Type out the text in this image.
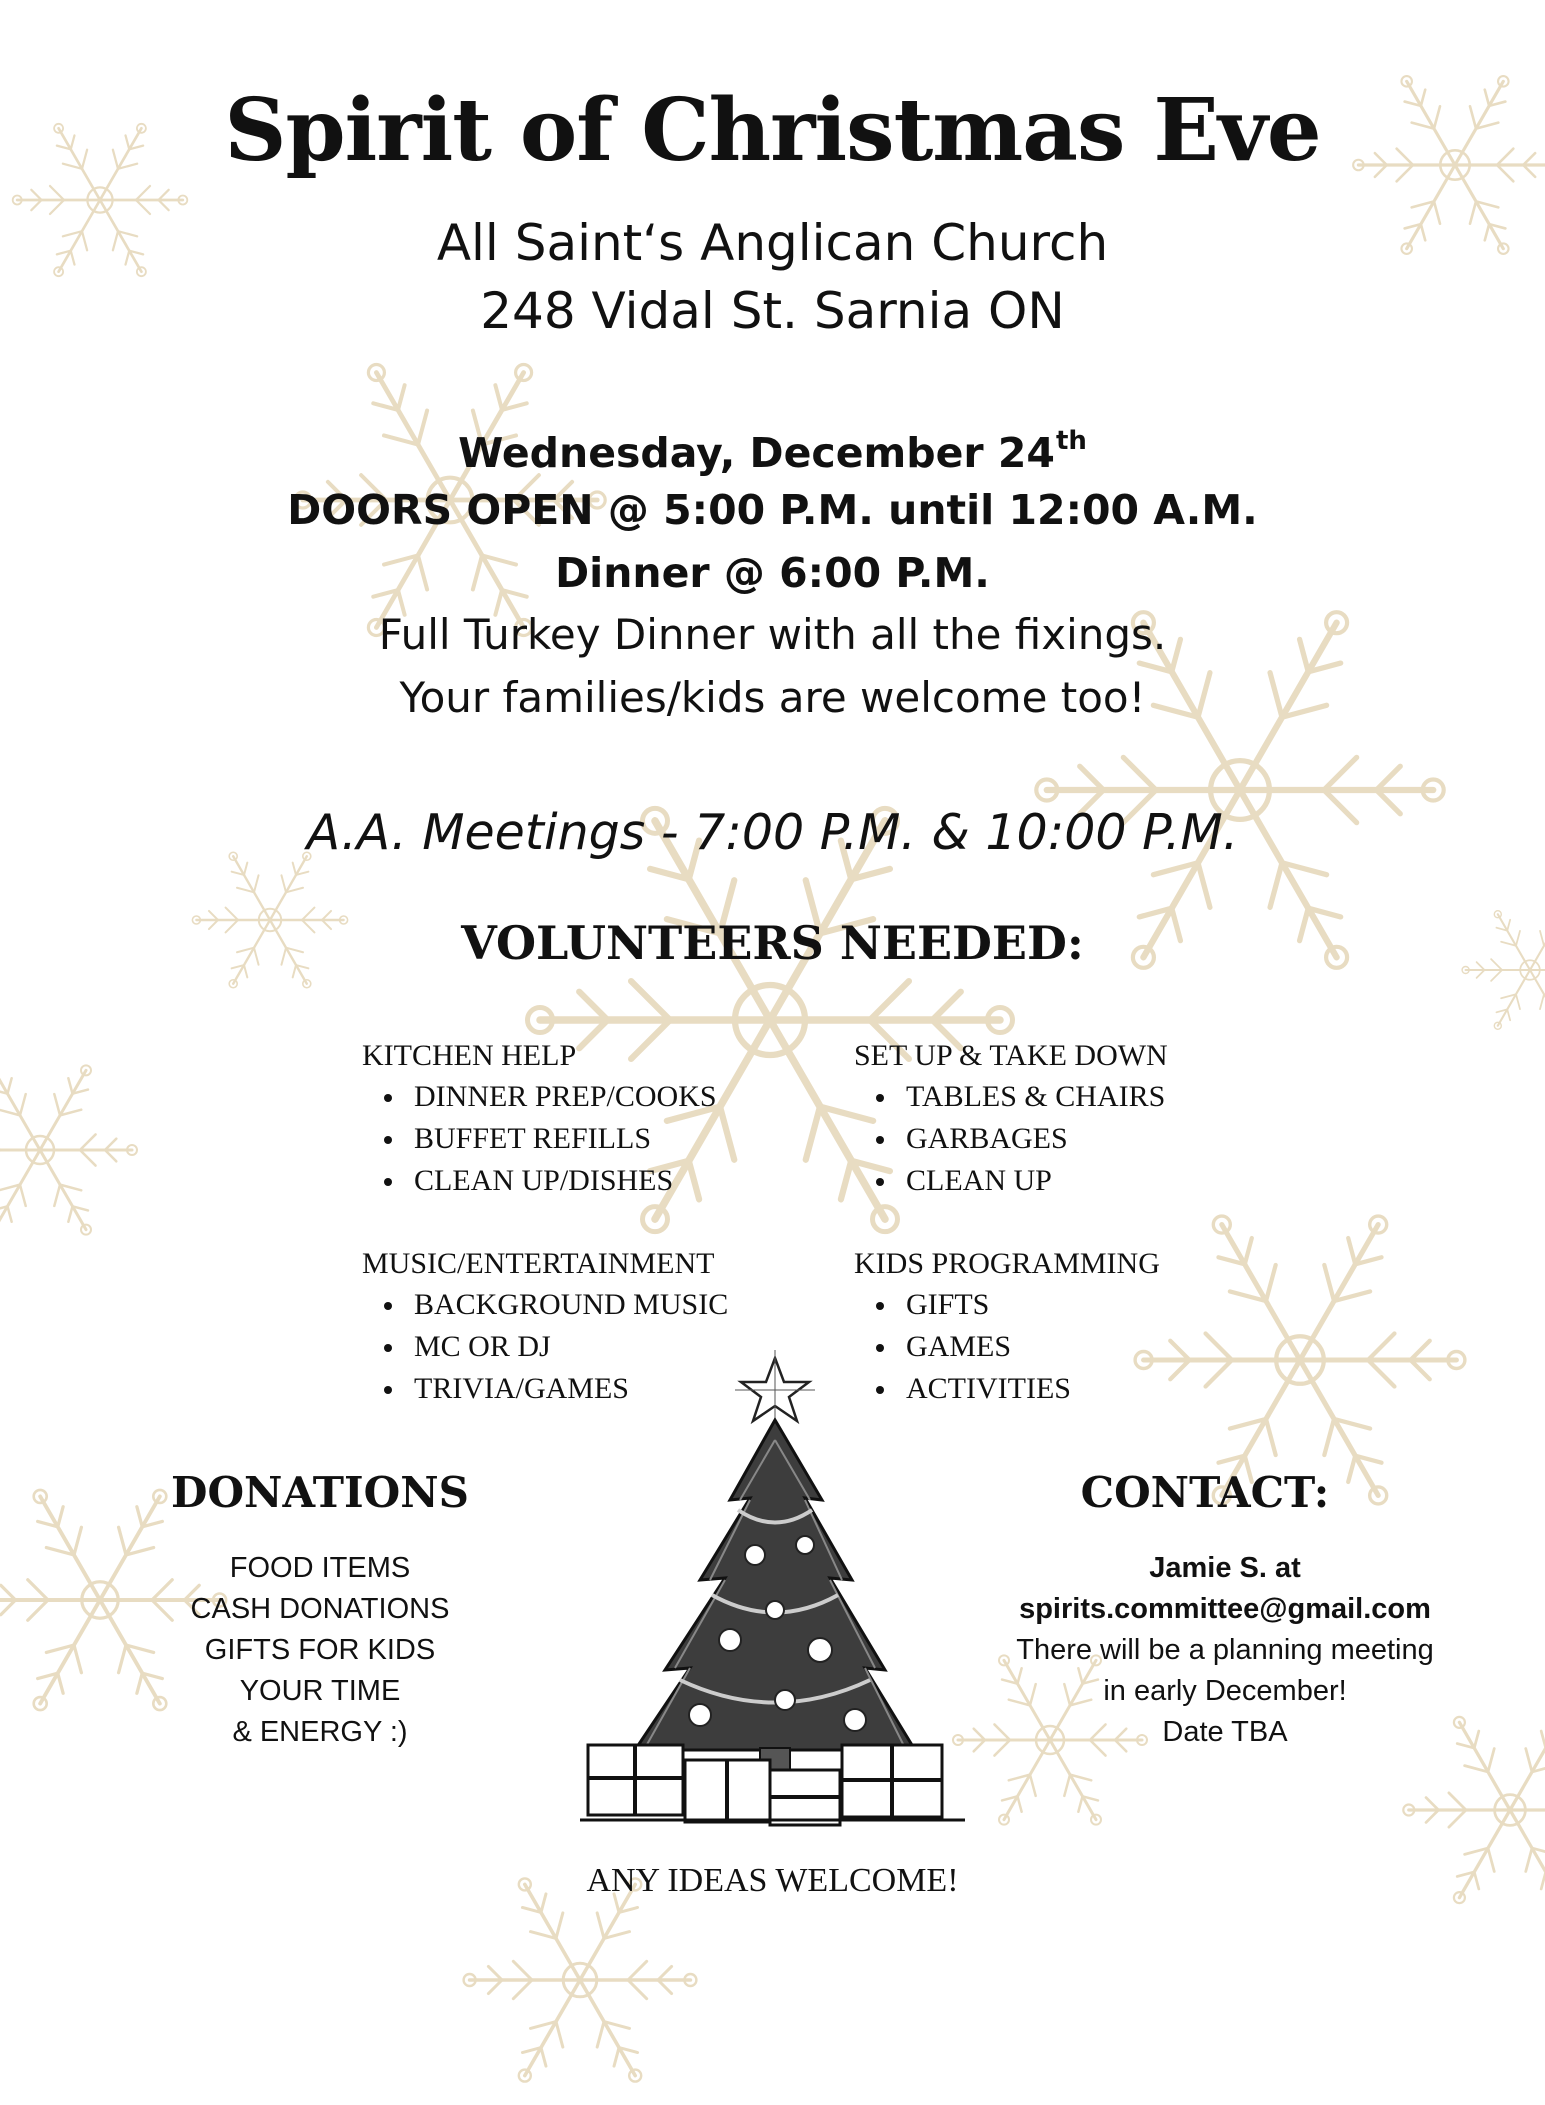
Spirit of Christmas Eve
All Saint‘s Anglican Church
248 Vidal St. Sarnia ON
Wednesday, December 24th
DOORS OPEN @ 5:00 P.M. until 12:00 A.M.
Dinner @ 6:00 P.M.
Full Turkey Dinner with all the fixings.
Your families/kids are welcome too!
A.A. Meetings - 7:00 P.M. & 10:00 P.M.
VOLUNTEERS NEEDED:
KITCHEN HELP
DINNER PREP/COOKS
BUFFET REFILLS
CLEAN UP/DISHES
SET UP & TAKE DOWN
TABLES & CHAIRS
GARBAGES
CLEAN UP
MUSIC/ENTERTAINMENT
BACKGROUND MUSIC
MC OR DJ
TRIVIA/GAMES
KIDS PROGRAMMING
GIFTS
GAMES
ACTIVITIES
DONATIONS
FOOD ITEMS
CASH DONATIONS
GIFTS FOR KIDS
YOUR TIME
& ENERGY :)
CONTACT:
Jamie S. at
spirits.committee@gmail.com
There will be a planning meeting
in early December!
Date TBA
ANY IDEAS WELCOME!
